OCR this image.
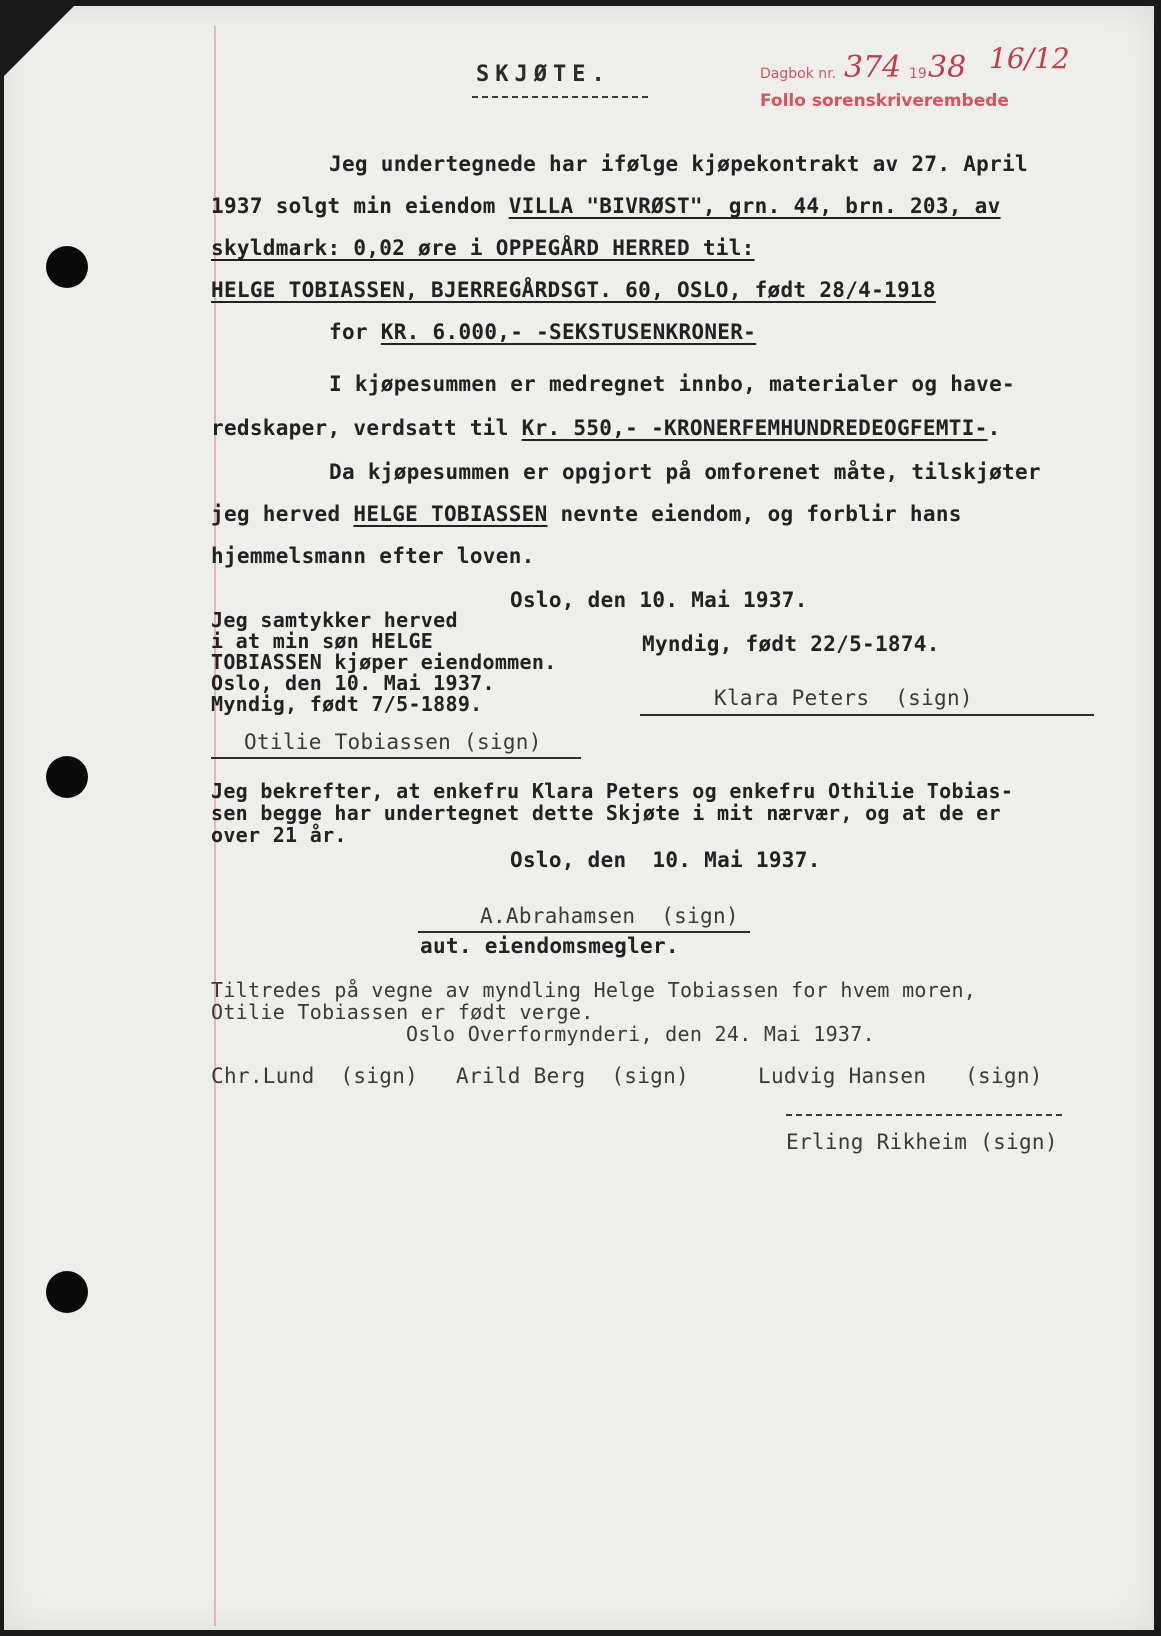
SKJØTE.	Dagbok nr. 374 19 38 16/12
Follo sorenskriverembede
Jeg undertegnede har ifølge kjøpekontrakt av 27. April
1937 solgt min eiendom VILLA "BIVRØST", grn. 44, brn. 203, av
skyldmark: 0,02 øre i OPPEGÅRD HERRED til:
HELGE TOBIASSEN, BJERREGÅRDSGT. 60, OSLO, født 28/4-1918
for KR. 6.000,- -SEKSTUSENKRONER-
I kjøpesummen er medregnet innbo, materialer og have-
redskaper, verdsatt til Kr. 550,- -KRONERFEMHUNDREDEOGFEMTI-.
Da kjøpesummen er opgjort på omforenet måte, tilskjøter
jeg herved HELGE TOBIASSEN nevnte eiendom, og forblir hans
hjemmelsmann efter loven.
Oslo, den 10. Mai 1937.
Jeg samtykker herved
i at min søn HELGE
TOBIASSEN kjøper eiendommen.
Oslo, den 10. Mai 1937.
Myndig, født 7/5-1889.
Myndig, født 22/5-1874.
Klara Peters  (sign)
Otilie Tobiassen (sign)
Jeg bekrefter, at enkefru Klara Peters og enkefru Othilie Tobias-
sen begge har undertegnet dette Skjøte i mit nærvær, og at de er
over 21 år.
Oslo, den  10. Mai 1937.
A.Abrahamsen  (sign)
aut. eiendomsmegler.
Tiltredes på vegne av myndling Helge Tobiassen for hvem moren,
Otilie Tobiassen er født verge.
Oslo Overformynderi, den 24. Mai 1937.
Chr.Lund  (sign) Arild Berg  (sign)	Ludvig Hansen   (sign)
Erling Rikheim (sign)
